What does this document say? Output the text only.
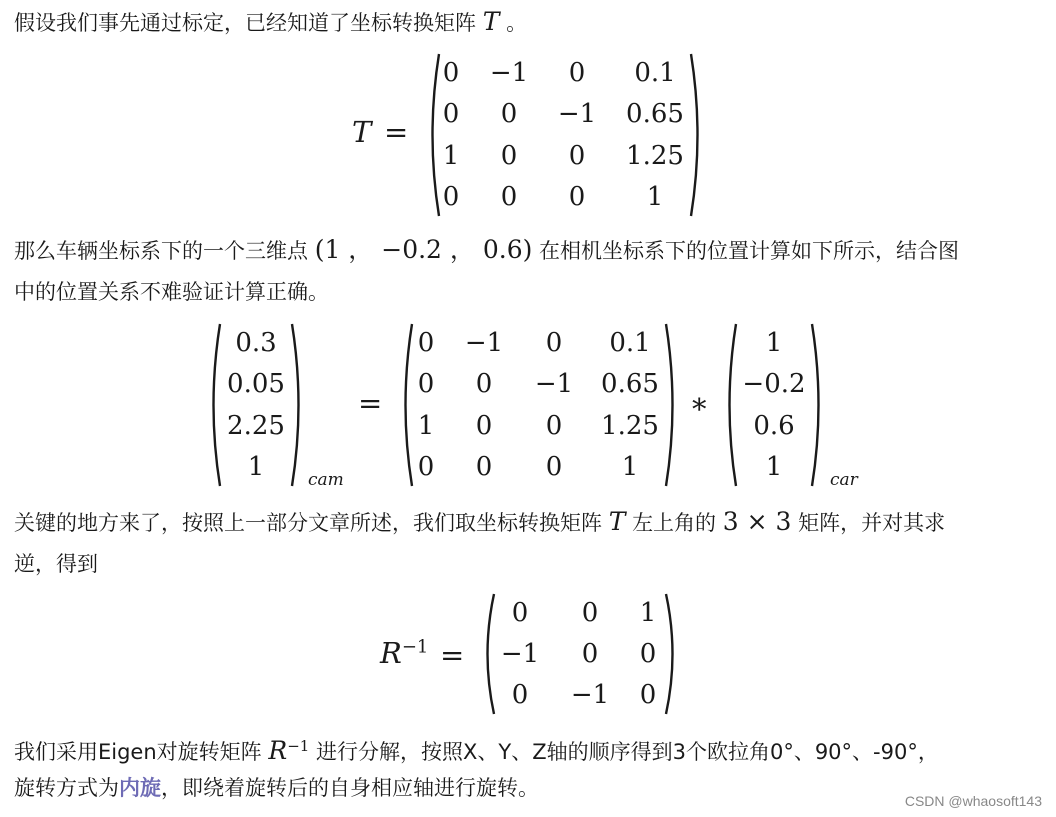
假设我们事先通过标定，已经知道了坐标转换矩阵 T 。
T =
0 −1 0 0.1
0 0 −1 0.65
1 0 0 1.25
0 0 0 1
那么车辆坐标系下的一个三维点 (1 ， −0.2 ， 0.6) 在相机坐标系下的位置计算如下所示，结合图
中的位置关系不难验证计算正确。
0.3
0.05
2.25
1	cam
=
0 −1 0 0.1
0 0 −1 0.65
1 0 0 1.25
0 0 0 1
*
1
−0.2
0.6
1	car
关键的地方来了，按照上一部分文章所述，我们取坐标转换矩阵 T 左上角的 3 × 3 矩阵，并对其求
逆，得到
$R^{-1}$ =
0 0 1
−1 0 0
0 −1 0
我们采用Eigen对旋转矩阵 $R^{-1}$ 进行分解，按照X、Y、Z轴的顺序得到3个欧拉角0°、90°、-90°，
旋转方式为内旋，即绕着旋转后的自身相应轴进行旋转。
CSDN @whaosoft143
